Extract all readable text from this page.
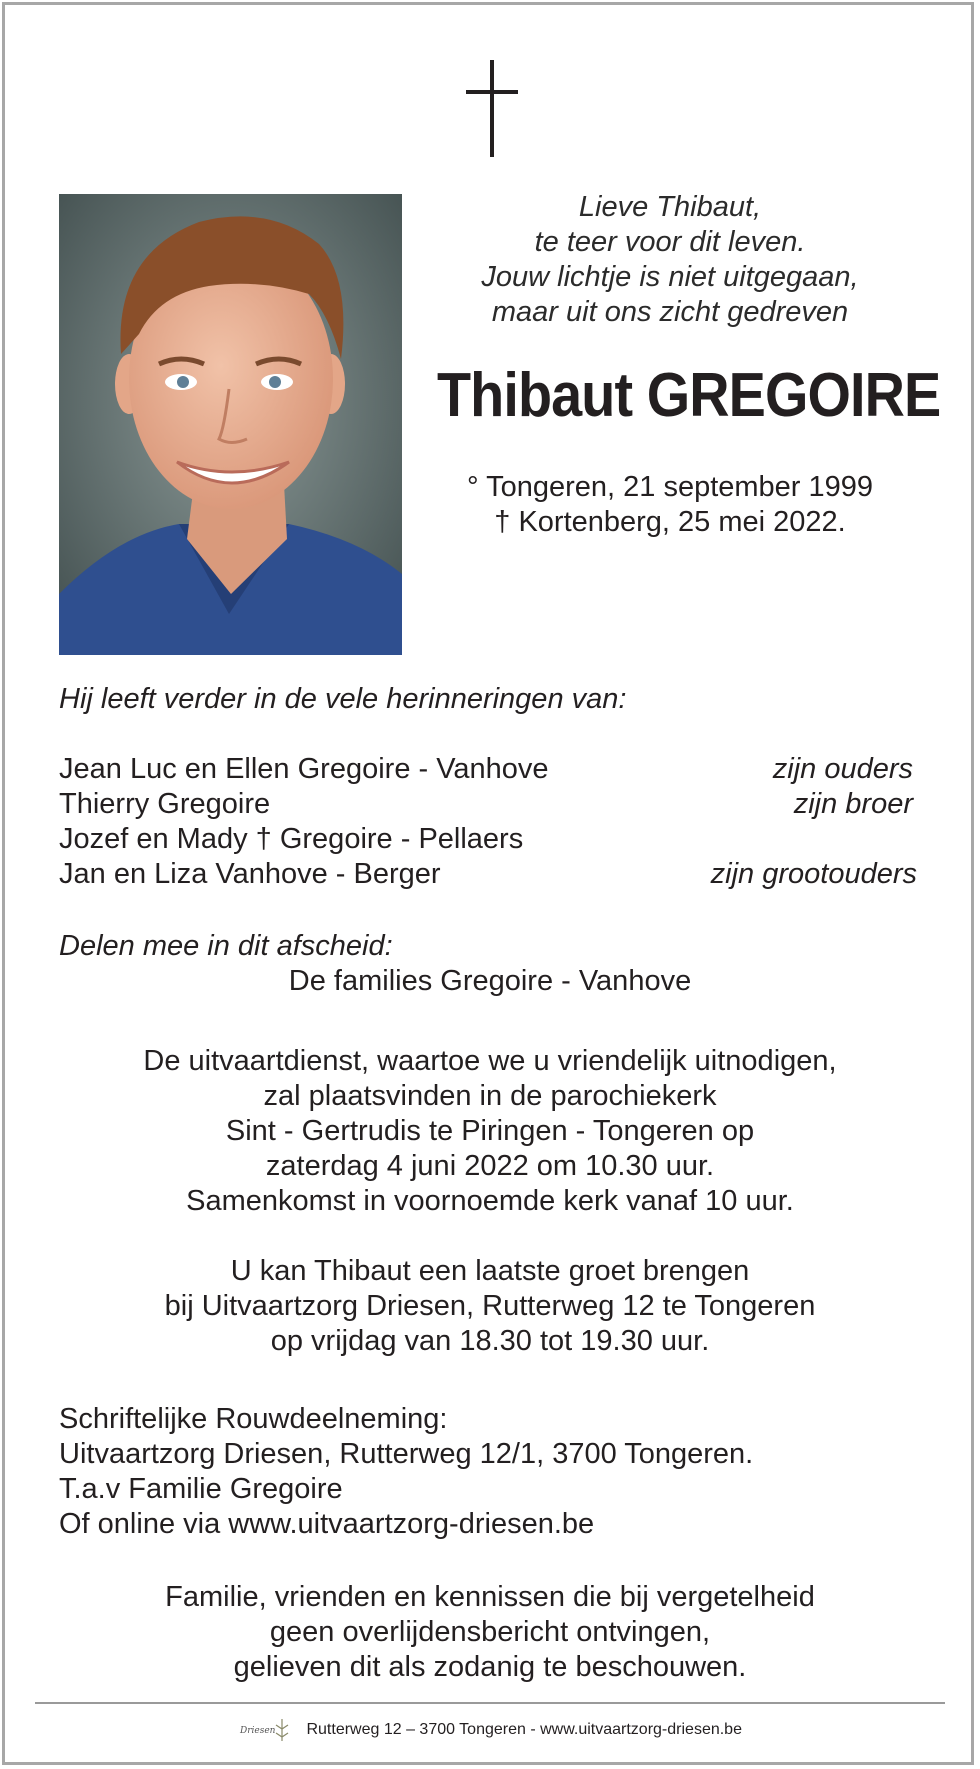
Lieve Thibaut,
te teer voor dit leven.
Jouw lichtje is niet uitgegaan,
maar uit ons zicht gedreven
Thibaut GREGOIRE
° Tongeren, 21 september 1999
† Kortenberg, 25 mei 2022.
Hij leeft verder in de vele herinneringen van:
Jean Luc en Ellen Gregoire - Vanhove	zijn ouders
Thierry Gregoire	zijn broer
Jozef en Mady † Gregoire - Pellaers
Jan en Liza Vanhove - Berger	zijn grootouders
Delen mee in dit afscheid:
De families Gregoire - Vanhove
De uitvaartdienst, waartoe we u vriendelijk uitnodigen,
zal plaatsvinden in de parochiekerk
Sint - Gertrudis te Piringen - Tongeren op
zaterdag 4 juni 2022 om 10.30 uur.
Samenkomst in voornoemde kerk vanaf 10 uur.
U kan Thibaut een laatste groet brengen
bij Uitvaartzorg Driesen, Rutterweg 12 te Tongeren
op vrijdag van 18.30 tot 19.30 uur.
Schriftelijke Rouwdeelneming:
Uitvaartzorg Driesen, Rutterweg 12/1, 3700 Tongeren.
T.a.v Familie Gregoire
Of online via www.uitvaartzorg-driesen.be
Familie, vrienden en kennissen die bij vergetelheid
geen overlijdensbericht ontvingen,
gelieven dit als zodanig te beschouwen.
Driesen Rutterweg 12 – 3700 Tongeren - www.uitvaartzorg-driesen.be
